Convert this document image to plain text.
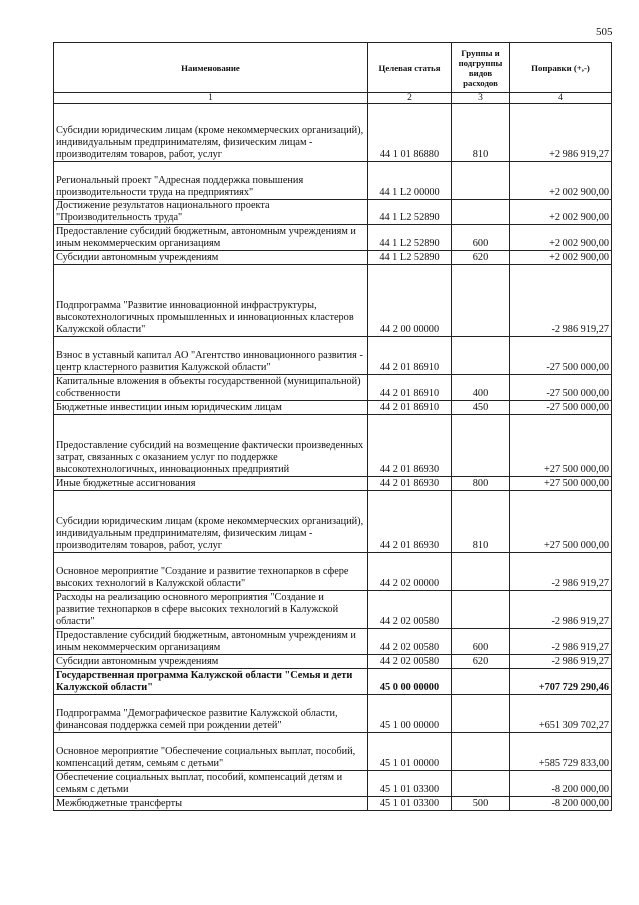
505
Наименование	Целевая статья	Группы и подгруппы видов расходов	Поправки (+,-)
1	2	3	4
Субсидии юридическим лицам (кроме некоммерческих организаций), индивидуальным предпринимателям, физическим лицам - производителям товаров, работ, услуг	44 1 01 86880	810	+2 986 919,27
Региональный проект "Адресная поддержка повышения производительности труда на предприятиях"	44 1 L2 00000		+2 002 900,00
Достижение результатов национального проекта "Производительность труда"	44 1 L2 52890		+2 002 900,00
Предоставление субсидий бюджетным, автономным учреждениям и иным некоммерческим организациям	44 1 L2 52890	600	+2 002 900,00
Субсидии автономным учреждениям	44 1 L2 52890	620	+2 002 900,00
Подпрограмма "Развитие инновационной инфраструктуры, высокотехнологичных промышленных и инновационных кластеров Калужской области"	44 2 00 00000		-2 986 919,27
Взнос в уставный капитал АО "Агентство инновационного развития - центр кластерного развития Калужской области"	44 2 01 86910		-27 500 000,00
Капитальные вложения в объекты государственной (муниципальной) собственности	44 2 01 86910	400	-27 500 000,00
Бюджетные инвестиции иным юридическим лицам	44 2 01 86910	450	-27 500 000,00
Предоставление субсидий на возмещение фактически произведенных затрат, связанных с оказанием услуг по поддержке высокотехнологичных, инновационных предприятий	44 2 01 86930		+27 500 000,00
Иные бюджетные ассигнования	44 2 01 86930	800	+27 500 000,00
Субсидии юридическим лицам (кроме некоммерческих организаций), индивидуальным предпринимателям, физическим лицам - производителям товаров, работ, услуг	44 2 01 86930	810	+27 500 000,00
Основное мероприятие "Создание и развитие технопарков в сфере высоких технологий в Калужской области"	44 2 02 00000		-2 986 919,27
Расходы на реализацию основного мероприятия "Создание и развитие технопарков в сфере высоких технологий в Калужской области"	44 2 02 00580		-2 986 919,27
Предоставление субсидий бюджетным, автономным учреждениям и иным некоммерческим организациям	44 2 02 00580	600	-2 986 919,27
Субсидии автономным учреждениям	44 2 02 00580	620	-2 986 919,27
Государственная программа Калужской области "Семья и дети Калужской области"	45 0 00 00000		+707 729 290,46
Подпрограмма "Демографическое развитие Калужской области, финансовая поддержка семей при рождении детей"	45 1 00 00000		+651 309 702,27
Основное мероприятие "Обеспечение социальных выплат, пособий, компенсаций детям, семьям с детьми"	45 1 01 00000		+585 729 833,00
Обеспечение социальных выплат, пособий, компенсаций детям и семьям с детьми	45 1 01 03300		-8 200 000,00
Межбюджетные трансферты	45 1 01 03300	500	-8 200 000,00
